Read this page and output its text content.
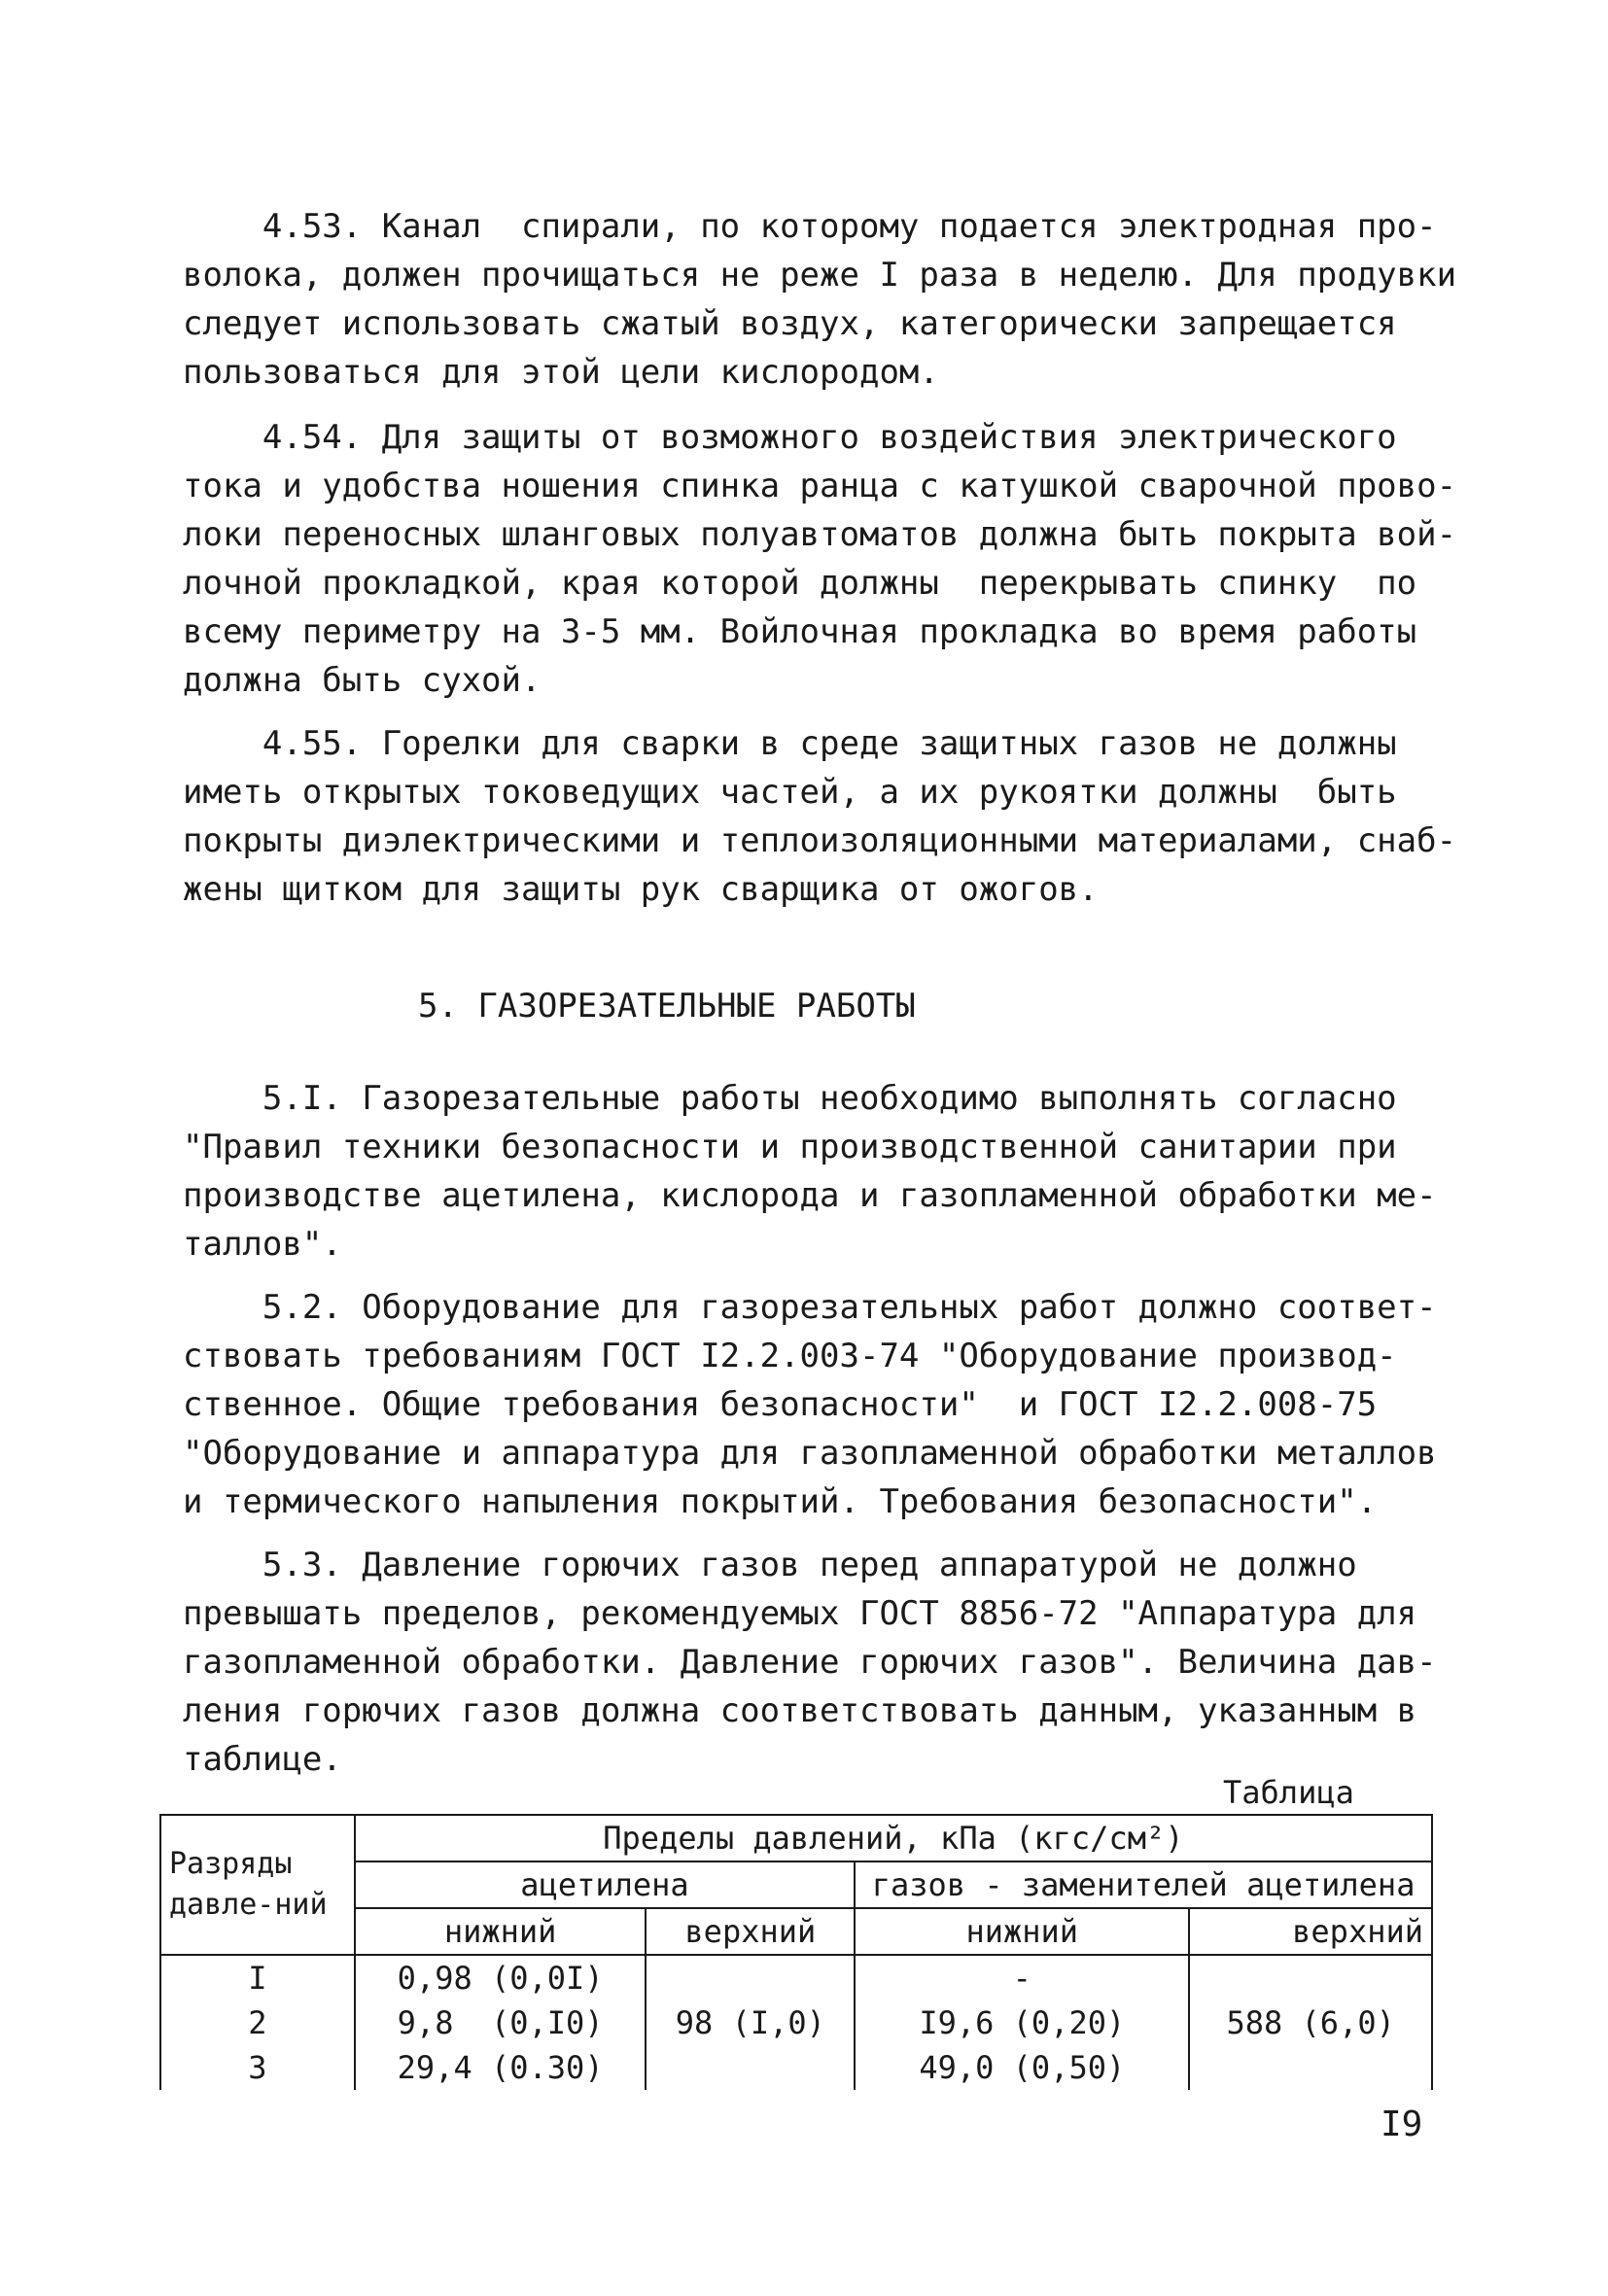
4.53. Канал  спирали, по которому подается электродная про-
волока, должен прочищаться не реже I раза в неделю. Для продувки
следует использовать сжатый воздух, категорически запрещается
пользоваться для этой цели кислородом.
4.54. Для защиты от возможного воздействия электрического
тока и удобства ношения спинка ранца с катушкой сварочной прово-
локи переносных шланговых полуавтоматов должна быть покрыта вой-
лочной прокладкой, края которой должны  перекрывать спинку  по
всему периметру на 3-5 мм. Войлочная прокладка во время работы
должна быть сухой.
4.55. Горелки для сварки в среде защитных газов не должны
иметь открытых токоведущих частей, а их рукоятки должны  быть
покрыты диэлектрическими и теплоизоляционными материалами, снаб-
жены щитком для защиты рук сварщика от ожогов.
5. ГАЗОРЕЗАТЕЛЬНЫЕ РАБОТЫ
5.I. Газорезательные работы необходимо выполнять согласно
"Правил техники безопасности и производственной санитарии при
производстве ацетилена, кислорода и газопламенной обработки ме-
таллов".
5.2. Оборудование для газорезательных работ должно соответ-
ствовать требованиям ГОСТ I2.2.003-74 "Оборудование производ-
ственное. Общие требования безопасности"  и ГОСТ I2.2.008-75
"Оборудование и аппаратура для газопламенной обработки металлов
и термического напыления покрытий. Требования безопасности".
5.3. Давление горючих газов перед аппаратурой не должно
превышать пределов, рекомендуемых ГОСТ 8856-72 "Аппаратура для
газопламенной обработки. Давление горючих газов". Величина дав-
ления горючих газов должна соответствовать данным, указанным в
таблице.
Таблица
Разряды давле-ний	Пределы давлений, кПа (кгс/см²)			
	ацетилена		газов - заменителей ацетилена	
	нижний	верхний	нижний	верхний
I	0,98 (0,0I)		-	
2	9,8  (0,I0)	98 (I,0)	I9,6 (0,20)	588 (6,0)
3	29,4 (0.30)		49,0 (0,50)	
I9
